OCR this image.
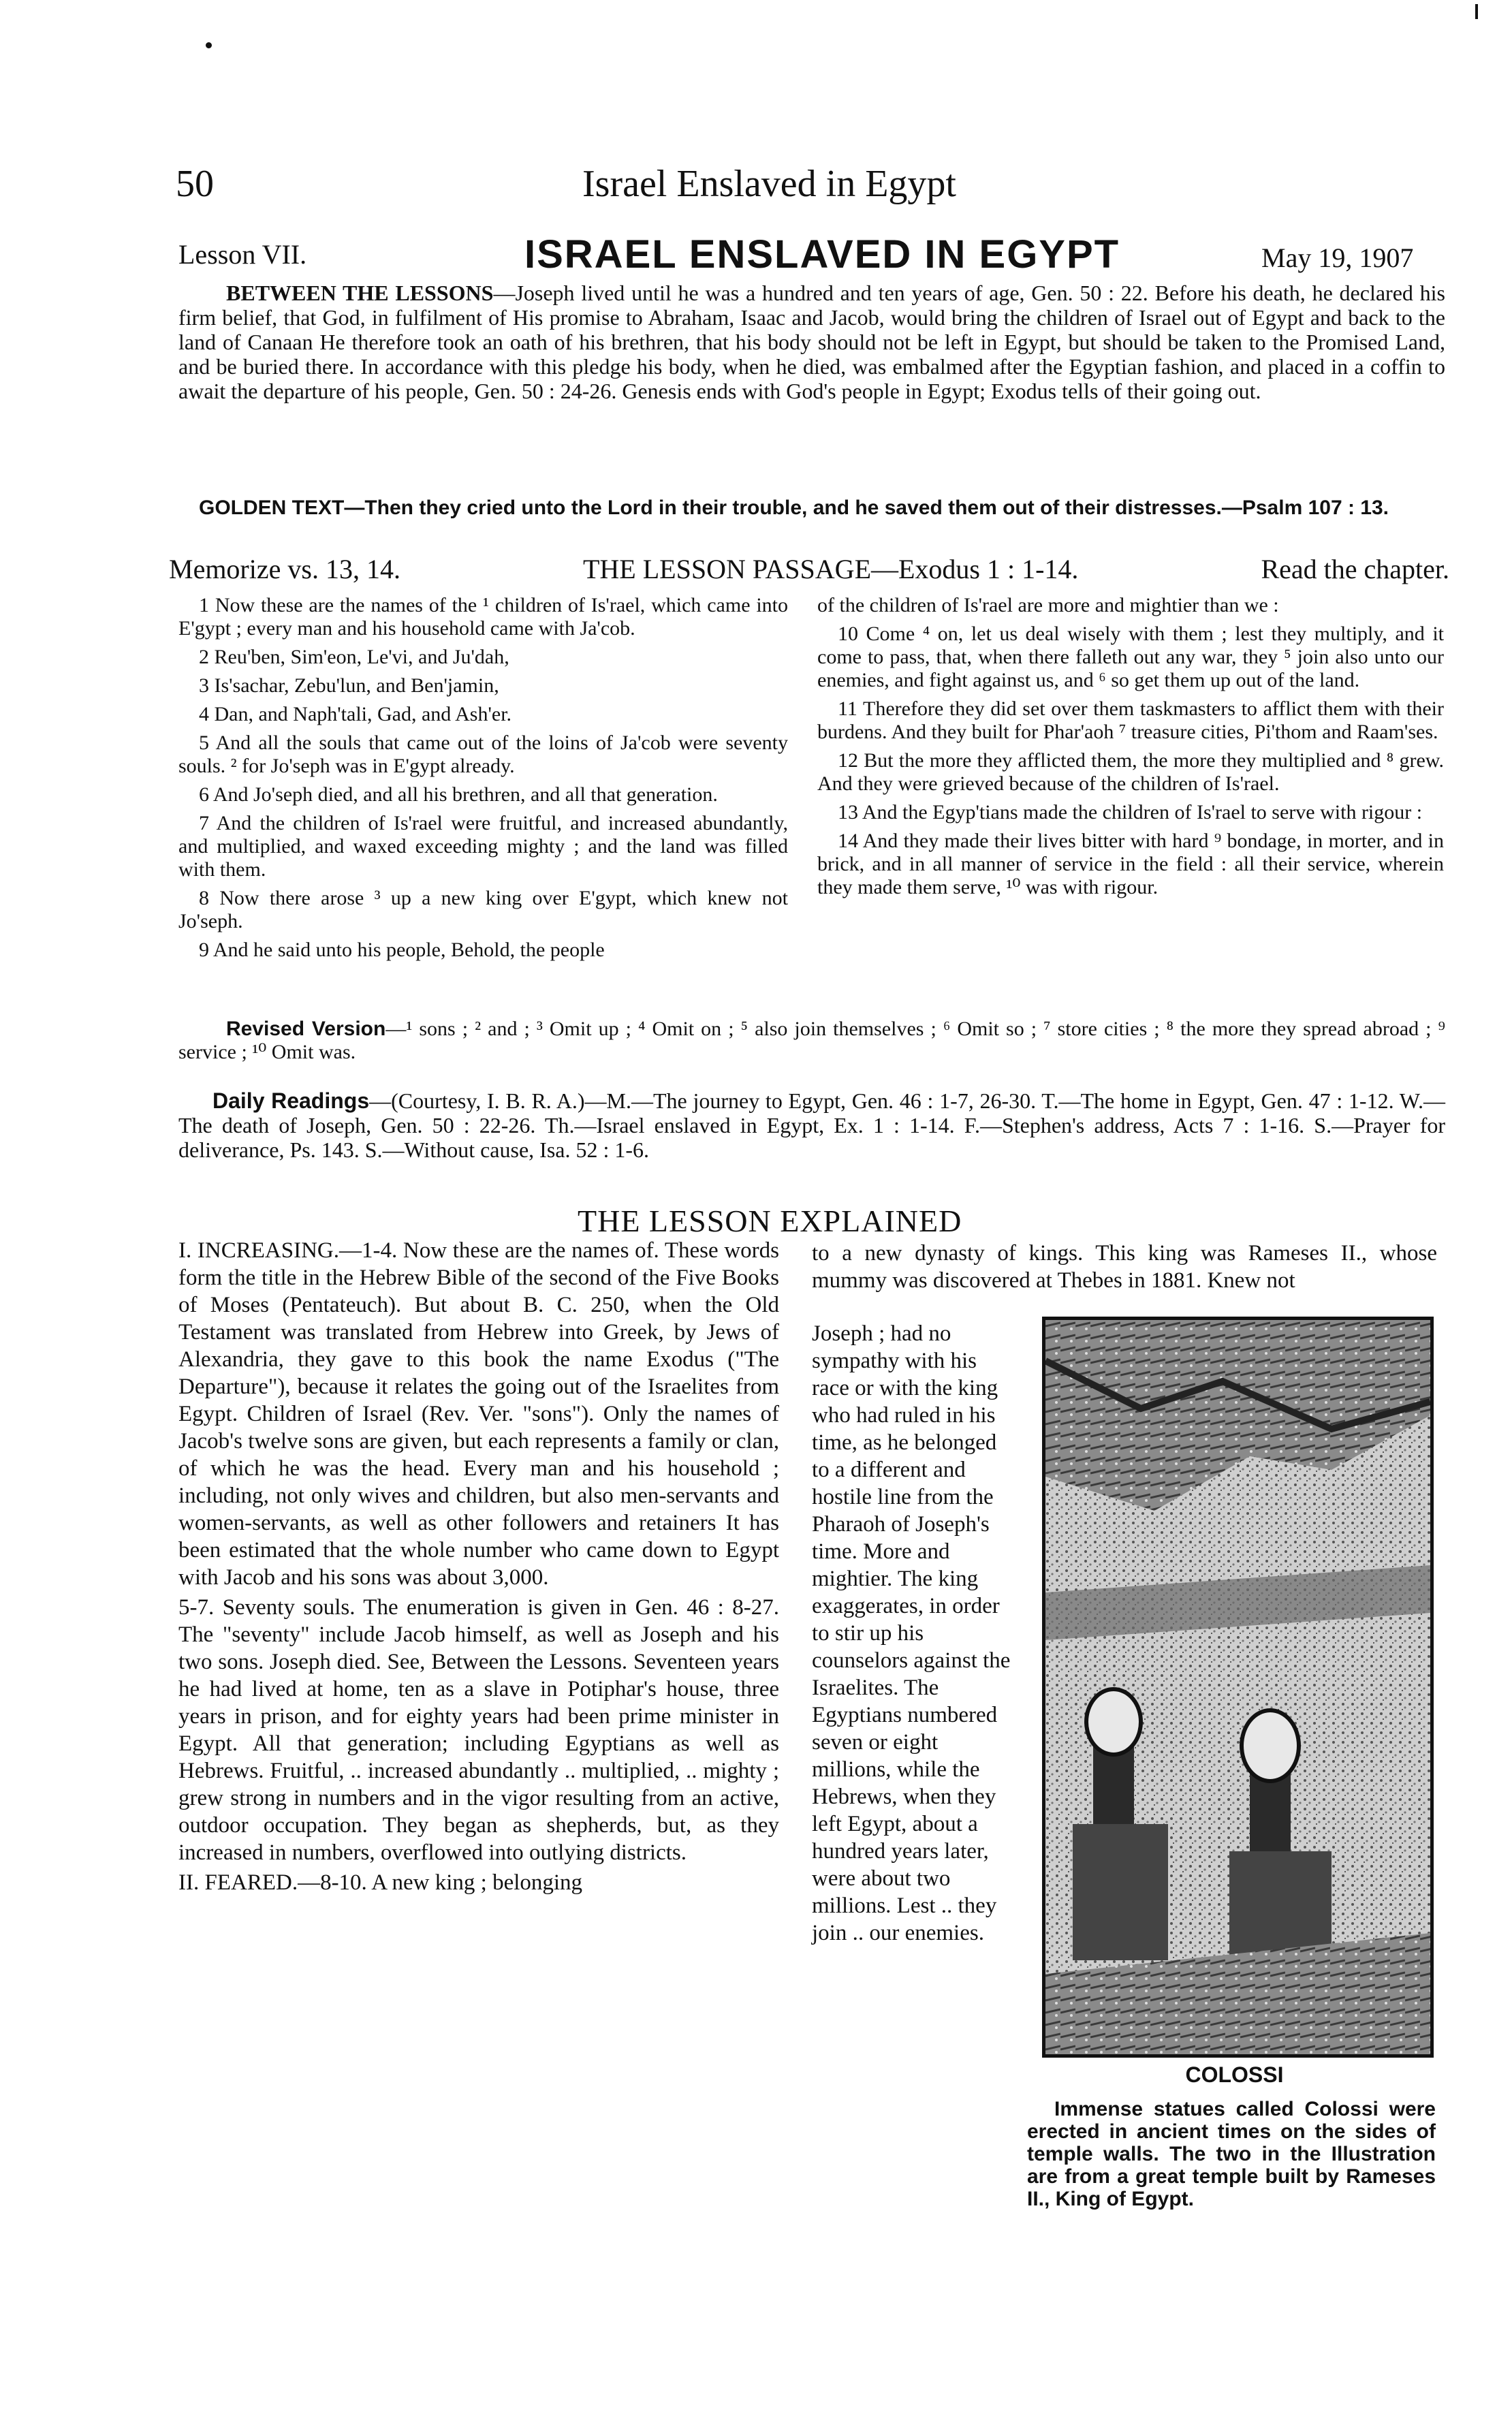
50	Israel Enslaved in Egypt
Lesson VII.	ISRAEL ENSLAVED IN EGYPT	May 19, 1907
BETWEEN THE LESSONS—Joseph lived until he was a hundred and ten years of age, Gen. 50 : 22. Before his death, he declared his firm belief, that God, in fulfilment of His promise to Abraham, Isaac and Jacob, would bring the children of Israel out of Egypt and back to the land of Canaan He therefore took an oath of his brethren, that his body should not be left in Egypt, but should be taken to the Promised Land, and be buried there. In accordance with this pledge his body, when he died, was embalmed after the Egyptian fashion, and placed in a coffin to await the departure of his people, Gen. 50 : 24-26. Genesis ends with God's people in Egypt; Exodus tells of their going out.
GOLDEN TEXT—Then they cried unto the Lord in their trouble, and he saved them out of their distresses.—Psalm 107 : 13.
Memorize vs. 13, 14.	THE LESSON PASSAGE—Exodus 1 : 1-14.	Read the chapter.
1 Now these are the names of the ¹ children of Is'rael, which came into E'gypt ; every man and his household came with Ja'cob.
2 Reu'ben, Sim'eon, Le'vi, and Ju'dah,
3 Is'sachar, Zebu'lun, and Ben'jamin,
4 Dan, and Naph'tali, Gad, and Ash'er.
5 And all the souls that came out of the loins of Ja'cob were seventy souls. ² for Jo'seph was in E'gypt already.
6 And Jo'seph died, and all his brethren, and all that generation.
7 And the children of Is'rael were fruitful, and increased abundantly, and multiplied, and waxed exceeding mighty ; and the land was filled with them.
8 Now there arose ³ up a new king over E'gypt, which knew not Jo'seph.
9 And he said unto his people, Behold, the people
of the children of Is'rael are more and mightier than we :
10 Come ⁴ on, let us deal wisely with them ; lest they multiply, and it come to pass, that, when there falleth out any war, they ⁵ join also unto our enemies, and fight against us, and ⁶ so get them up out of the land.
11 Therefore they did set over them taskmasters to afflict them with their burdens. And they built for Phar'aoh ⁷ treasure cities, Pi'thom and Raam'ses.
12 But the more they afflicted them, the more they multiplied and ⁸ grew. And they were grieved because of the children of Is'rael.
13 And the Egyp'tians made the children of Is'rael to serve with rigour :
14 And they made their lives bitter with hard ⁹ bondage, in morter, and in brick, and in all manner of service in the field : all their service, wherein they made them serve, ¹⁰ was with rigour.
Revised Version—¹ sons ; ² and ; ³ Omit up ; ⁴ Omit on ; ⁵ also join themselves ; ⁶ Omit so ; ⁷ store cities ; ⁸ the more they spread abroad ; ⁹ service ; ¹⁰ Omit was.
Daily Readings—(Courtesy, I. B. R. A.)—M.—The journey to Egypt, Gen. 46 : 1-7, 26-30. T.—The home in Egypt, Gen. 47 : 1-12. W.—The death of Joseph, Gen. 50 : 22-26. Th.—Israel enslaved in Egypt, Ex. 1 : 1-14. F.—Stephen's address, Acts 7 : 1-16. S.—Prayer for deliverance, Ps. 143. S.—Without cause, Isa. 52 : 1-6.
THE LESSON EXPLAINED
I. INCREASING.—1-4. Now these are the names of. These words form the title in the Hebrew Bible of the second of the Five Books of Moses (Pentateuch). But about B. C. 250, when the Old Testament was translated from Hebrew into Greek, by Jews of Alexandria, they gave to this book the name Exodus ("The Departure"), because it relates the going out of the Israelites from Egypt. Children of Israel (Rev. Ver. "sons"). Only the names of Jacob's twelve sons are given, but each represents a family or clan, of which he was the head. Every man and his household ; including, not only wives and children, but also men-servants and women-servants, as well as other followers and retainers It has been estimated that the whole number who came down to Egypt with Jacob and his sons was about 3,000.
5-7. Seventy souls. The enumeration is given in Gen. 46 : 8-27. The "seventy" include Jacob himself, as well as Joseph and his two sons. Joseph died. See, Between the Lessons. Seventeen years he had lived at home, ten as a slave in Potiphar's house, three years in prison, and for eighty years had been prime minister in Egypt. All that generation; including Egyptians as well as Hebrews. Fruitful, .. increased abundantly .. multiplied, .. mighty ; grew strong in numbers and in the vigor resulting from an active, outdoor occupation. They began as shepherds, but, as they increased in numbers, overflowed into outlying districts.
II. FEARED.—8-10. A new king ; belonging
to a new dynasty of kings. This king was Rameses II., whose mummy was discovered at Thebes in 1881. Knew not
Joseph ; had no sympathy with his race or with the king who had ruled in his time, as he belonged to a different and hostile line from the Pharaoh of Joseph's time. More and mightier. The king exaggerates, in order to stir up his counselors against the Israelites. The Egyptians numbered seven or eight millions, while the Hebrews, when they left Egypt, about a hundred years later, were about two millions. Lest .. they join .. our enemies.
COLOSSI
Immense statues called Colossi were erected in ancient times on the sides of temple walls. The two in the Illustration are from a great temple built by Rameses II., King of Egypt.
